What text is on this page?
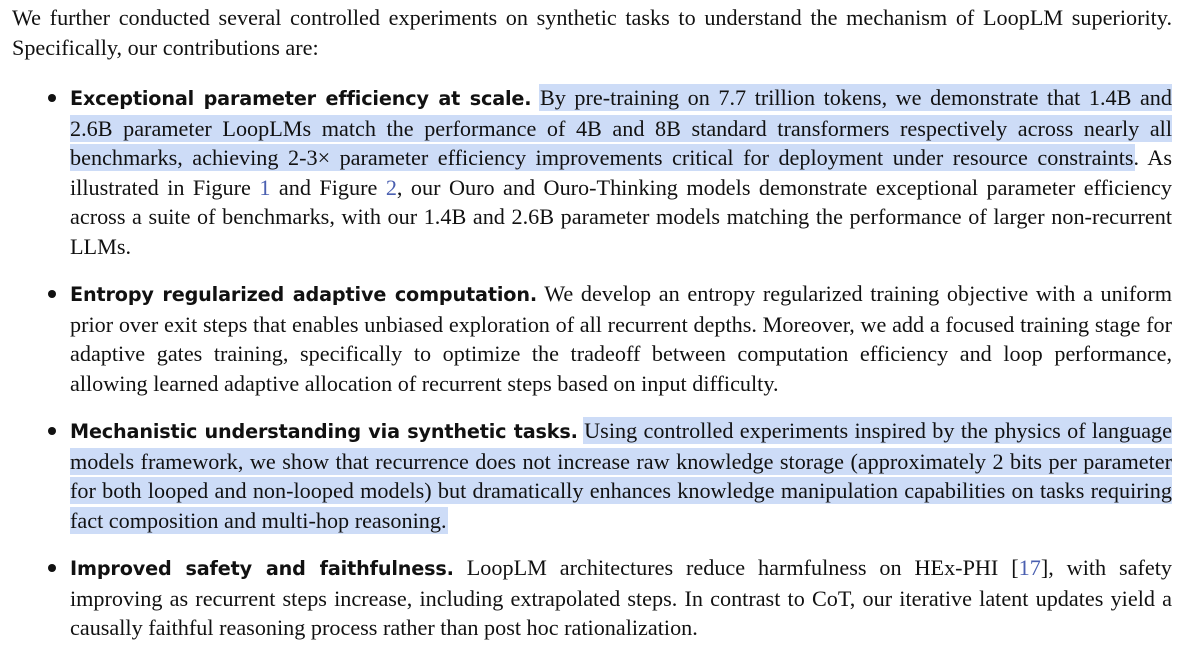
We further conducted several controlled experiments on synthetic tasks to understand the mechanism of LoopLM superiority. Specifically, our contributions are:

Exceptional parameter efficiency at scale. By pre-training on 7.7 trillion tokens, we demonstrate that 1.4B and 2.6B parameter LoopLMs match the performance of 4B and 8B standard transformers respectively across nearly all benchmarks, achieving 2-3× parameter efficiency improvements critical for deployment under resource constraints. As illustrated in Figure 1 and Figure 2, our Ouro and Ouro-Thinking models demonstrate exceptional parameter efficiency across a suite of benchmarks, with our 1.4B and 2.6B parameter models matching the performance of larger non-recurrent LLMs.
Entropy regularized adaptive computation. We develop an entropy regularized training objective with a uniform prior over exit steps that enables unbiased exploration of all recurrent depths. Moreover, we add a focused training stage for adaptive gates training, specifically to optimize the tradeoff between computation efficiency and loop performance, allowing learned adaptive allocation of recurrent steps based on input difficulty.
Mechanistic understanding via synthetic tasks. Using controlled experiments inspired by the physics of language models framework, we show that recurrence does not increase raw knowledge storage (approximately 2 bits per parameter for both looped and non-looped models) but dramatically enhances knowledge manipulation capabilities on tasks requiring fact composition and multi-hop reasoning.
Improved safety and faithfulness. LoopLM architectures reduce harmfulness on HEx-PHI [17], with safety improving as recurrent steps increase, including extrapolated steps. In contrast to CoT, our iterative latent updates yield a causally faithful reasoning process rather than post hoc rationalization.
